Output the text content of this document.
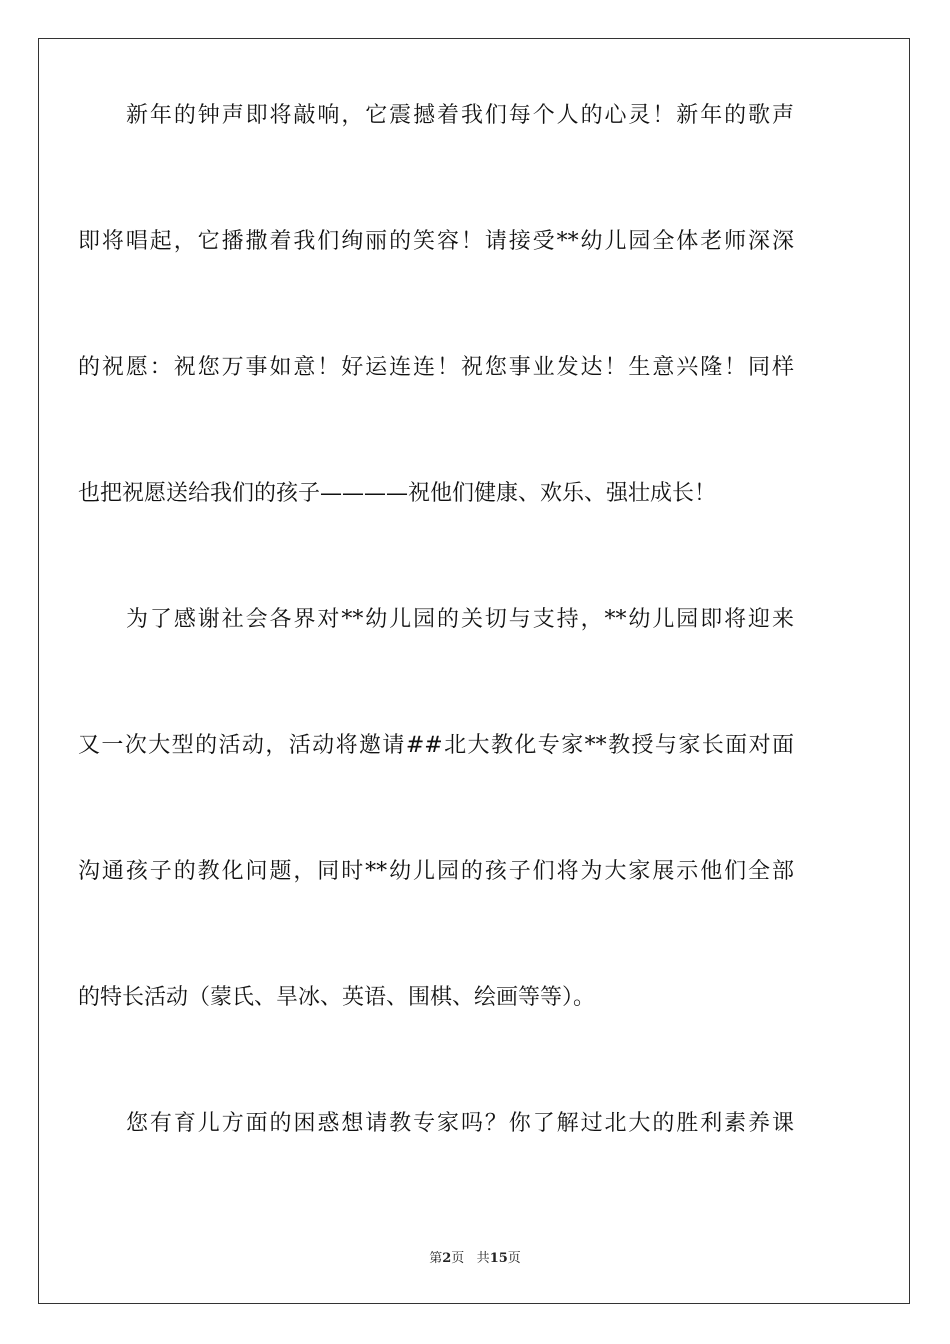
新年的钟声即将敲响，它震撼着我们每个人的心灵！新年的歌声
即将唱起，它播撒着我们绚丽的笑容！请接受**幼儿园全体老师深深
的祝愿：祝您万事如意！好运连连！祝您事业发达！生意兴隆！同样
也把祝愿送给我们的孩子————祝他们健康、欢乐、强壮成长！
为了感谢社会各界对**幼儿园的关切与支持，**幼儿园即将迎来
又一次大型的活动，活动将邀请##北大教化专家**教授与家长面对面
沟通孩子的教化问题，同时**幼儿园的孩子们将为大家展示他们全部
的特长活动（蒙氏、旱冰、英语、围棋、绘画等等）。
您有育儿方面的困惑想请教专家吗？你了解过北大的胜利素养课
第2页 共15页
